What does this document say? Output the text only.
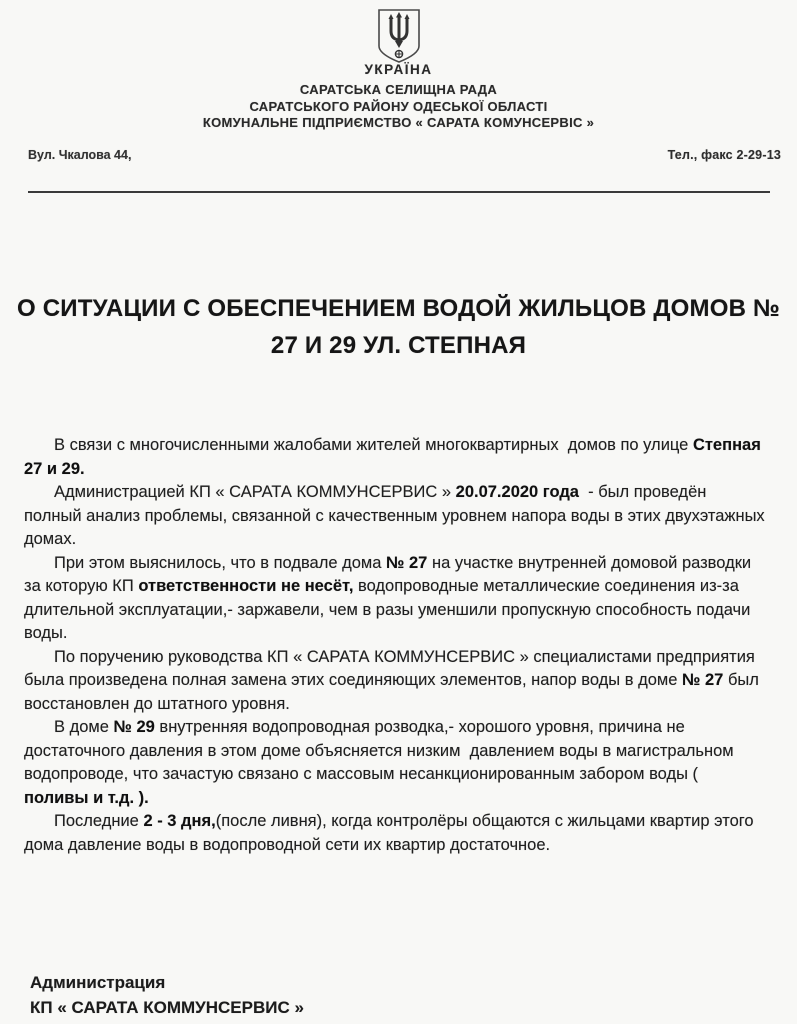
УКРАЇНА
САРАТСЬКА СЕЛИЩНА РАДА
САРАТСЬКОГО РАЙОНУ ОДЕСЬКОЇ ОБЛАСТІ
КОМУНАЛЬНЕ ПІДПРИЄМСТВО « САРАТА КОМУНСЕРВІС »
Вул. Чкалова 44,	Тел., факс 2-29-13
О СИТУАЦИИ С ОБЕСПЕЧЕНИЕМ ВОДОЙ ЖИЛЬЦОВ ДОМОВ №
27 И 29 УЛ. СТЕПНАЯ

В связи с многочисленными жалобами жителей многоквартирных  домов по улице Степная 27 и 29.

Администрацией КП « САРАТА КОММУНСЕРВИС » 20.07.2020 года  - был проведён полный анализ проблемы, связанной с качественным уровнем напора воды в этих двухэтажных домах.

При этом выяснилось, что в подвале дома № 27 на участке внутренней домовой разводки за которую КП ответственности не несёт, водопроводные металлические соединения из-за длительной эксплуатации,- заржавели, чем в разы уменшили пропускную способность подачи воды.

По поручению руководства КП « САРАТА КОММУНСЕРВИС » специалистами предприятия была произведена полная замена этих соединяющих элементов, напор воды в доме № 27 был восстановлен до штатного уровня.

В доме № 29 внутренняя водопроводная розводка,- хорошого уровня, причина не достаточного давления в этом доме объясняется низким  давлением воды в магистральном водопроводе, что зачастую связано с массовым несанкционированным забором воды ( поливы и т.д. ).

Последние 2 - 3 дня,(после ливня), когда контролёры общаются с жильцами квартир этого дома давление воды в водопроводной сети их квартир достаточное.

Администрация
КП « САРАТА КОММУНСЕРВИС »
